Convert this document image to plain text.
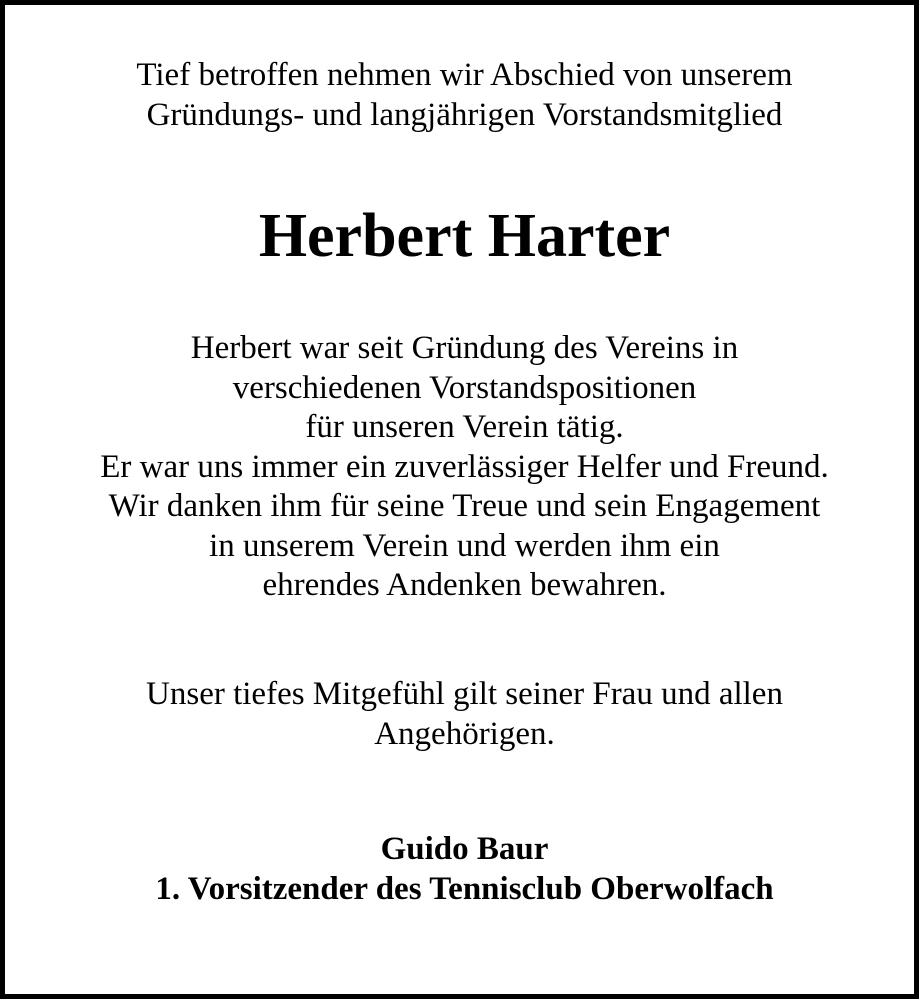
Tief betroffen nehmen wir Abschied von unserem
Gründungs- und langjährigen Vorstandsmitglied

Herbert Harter

Herbert war seit Gründung des Vereins in
verschiedenen Vorstandspositionen
für unseren Verein tätig.
Er war uns immer ein zuverlässiger Helfer und Freund.
Wir danken ihm für seine Treue und sein Engagement
in unserem Verein und werden ihm ein
ehrendes Andenken bewahren.

Unser tiefes Mitgefühl gilt seiner Frau und allen
Angehörigen.

Guido Baur
1. Vorsitzender des Tennisclub Oberwolfach
